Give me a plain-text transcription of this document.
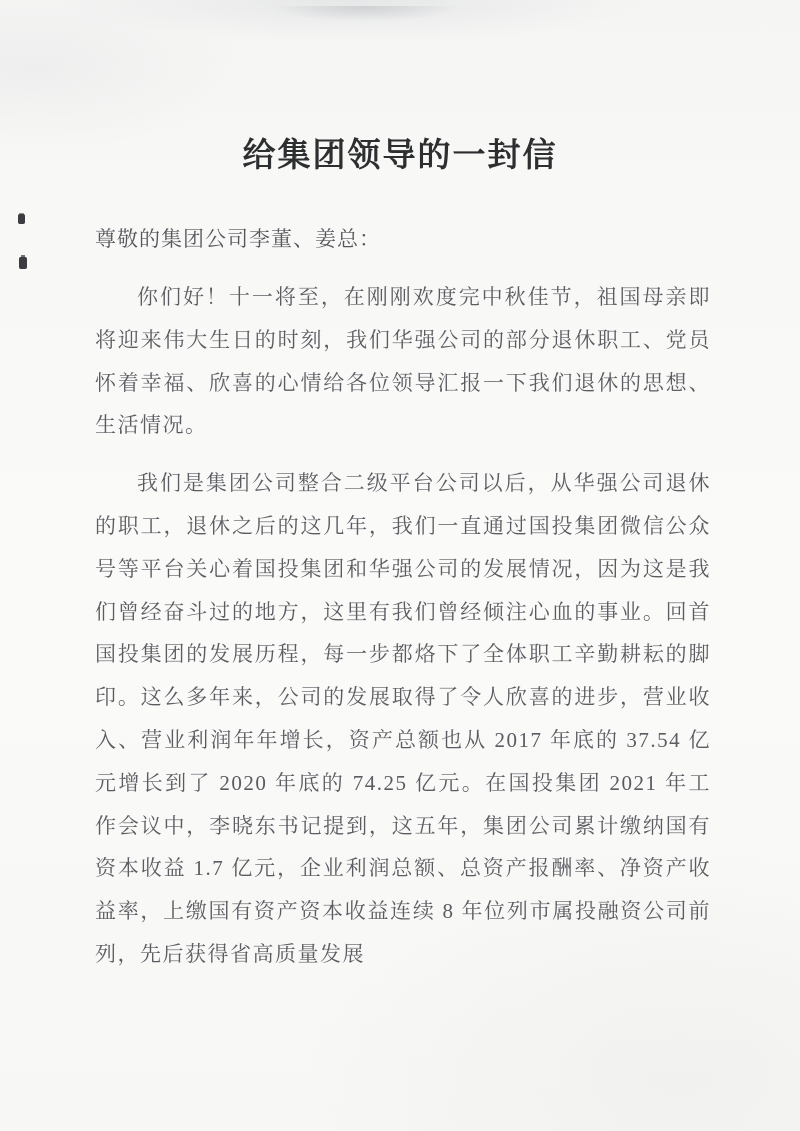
给集团领导的一封信

尊敬的集团公司李董、姜总：

你们好！十一将至，在刚刚欢度完中秋佳节，祖国母亲即将迎来伟大生日的时刻，我们华强公司的部分退休职工、党员怀着幸福、欣喜的心情给各位领导汇报一下我们退休的思想、生活情况。

我们是集团公司整合二级平台公司以后，从华强公司退休的职工，退休之后的这几年，我们一直通过国投集团微信公众号等平台关心着国投集团和华强公司的发展情况，因为这是我们曾经奋斗过的地方，这里有我们曾经倾注心血的事业。回首国投集团的发展历程，每一步都烙下了全体职工辛勤耕耘的脚印。这么多年来，公司的发展取得了令人欣喜的进步，营业收入、营业利润年年增长，资产总额也从 2017 年底的 37.54 亿元增长到了 2020 年底的 74.25 亿元。在国投集团 2021 年工作会议中，李晓东书记提到，这五年，集团公司累计缴纳国有资本收益 1.7 亿元，企业利润总额、总资产报酬率、净资产收益率，上缴国有资产资本收益连续 8 年位列市属投融资公司前列，先后获得省高质量发展
